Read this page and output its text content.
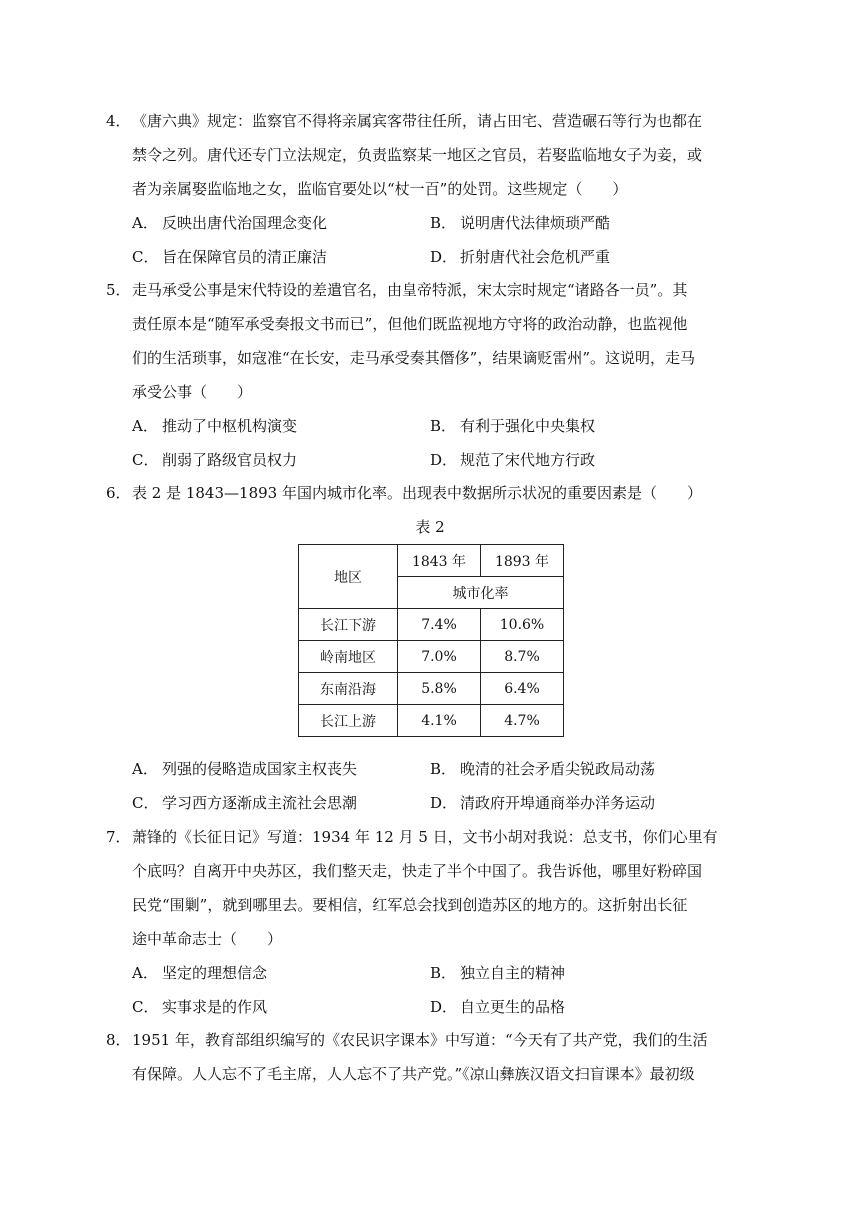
4． 《唐六典》规定：监察官不得将亲属宾客带往任所，请占田宅、营造碾石等行为也都在
禁令之列。唐代还专门立法规定，负责监察某一地区之官员，若娶监临地女子为妾，或
者为亲属娶监临地之女，监临官要处以“杖一百”的处罚。这些规定（　　）
A． 反映出唐代治国理念变化	B． 说明唐代法律烦琐严酷
C． 旨在保障官员的清正廉洁	D． 折射唐代社会危机严重
5． 走马承受公事是宋代特设的差遣官名，由皇帝特派，宋太宗时规定“诸路各一员”。其
责任原本是“随军承受奏报文书而已”，但他们既监视地方守将的政治动静，也监视他
们的生活琐事，如寇准“在长安，走马承受奏其僭侈”，结果谪贬雷州”。这说明，走马
承受公事（　　）
A． 推动了中枢机构演变	B． 有利于强化中央集权
C． 削弱了路级官员权力	D． 规范了宋代地方行政
6． 表 2 是 1843—1893 年国内城市化率。出现表中数据所示状况的重要因素是（　　）
表 2
地区	1843 年	1893 年
	城市化率	
长江下游	7.4%	10.6%
岭南地区	7.0%	8.7%
东南沿海	5.8%	6.4%
长江上游	4.1%	4.7%
A． 列强的侵略造成国家主权丧失	B． 晚清的社会矛盾尖锐政局动荡
C． 学习西方逐渐成主流社会思潮	D． 清政府开埠通商举办洋务运动
7． 萧锋的《长征日记》写道：1934 年 12 月 5 日，文书小胡对我说：总支书，你们心里有
个底吗？自离开中央苏区，我们整天走，快走了半个中国了。我告诉他，哪里好粉碎国
民党“围剿”，就到哪里去。要相信，红军总会找到创造苏区的地方的。这折射出长征
途中革命志士（　　）
A． 坚定的理想信念	B． 独立自主的精神
C． 实事求是的作风	D． 自立更生的品格
8． 1951 年，教育部组织编写的《农民识字课本》中写道：“今天有了共产党，我们的生活
有保障。人人忘不了毛主席，人人忘不了共产党。”《凉山彝族汉语文扫盲课本》最初级
